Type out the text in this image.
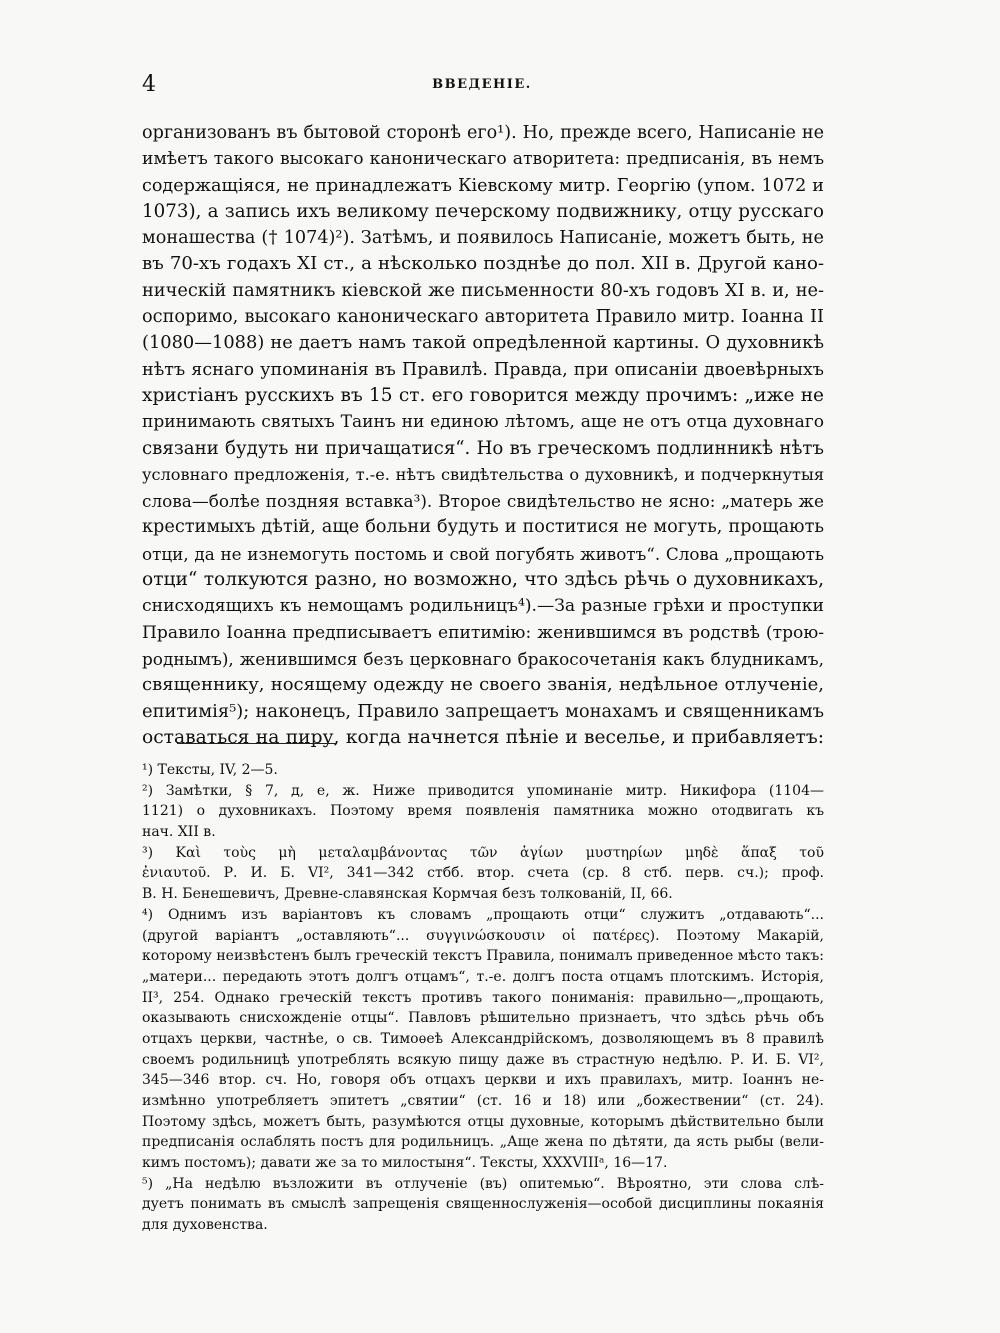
4	ВВЕДЕНІЕ.
организованъ въ бытовой сторонѣ его¹). Но, прежде всего, Написаніе не
имѣетъ такого высокаго каноническаго атворитета: предписанія, въ немъ
содержащіяся, не принадлежатъ Кіевскому митр. Георгію (упом. 1072 и
1073), а запись ихъ великому печерскому подвижнику, отцу русскаго
монашества († 1074)²). Затѣмъ, и появилось Написаніе, можетъ быть, не
въ 70-хъ годахъ XI ст., а нѣсколько позднѣе до пол. XII в. Другой кано-
ническій памятникъ кіевской же письменности 80-хъ годовъ XI в. и, не-
оспоримо, высокаго каноническаго авторитета Правило митр. Іоанна II
(1080—1088) не даетъ намъ такой опредѣленной картины. О духовникѣ
нѣтъ яснаго упоминанія въ Правилѣ. Правда, при описаніи двоевѣрныхъ
христіанъ русскихъ въ 15 ст. его говорится между прочимъ: „иже не
принимають святыхъ Таинъ ни единою лѣтомъ, аще не отъ отца духовнаго
связани будуть ни причащатися“. Но въ греческомъ подлинникѣ нѣтъ
условнаго предложенія, т.-е. нѣтъ свидѣтельства о духовникѣ, и подчеркнутыя
слова—болѣе поздняя вставка³). Второе свидѣтельство не ясно: „матерь же
крестимыхъ дѣтій, аще больни будуть и поститися не могуть, прощають
отци, да не изнемогуть постомь и свой погубять животъ“. Слова „прощають
отци“ толкуются разно, но возможно, что здѣсь рѣчь о духовникахъ,
снисходящихъ къ немощамъ родильницъ⁴).—За разные грѣхи и проступки
Правило Іоанна предписываетъ епитимію: женившимся въ родствѣ (трою-
роднымъ), женившимся безъ церковнаго бракосочетанія какъ блудникамъ,
священнику, носящему одежду не своего званія, недѣльное отлученіе,
епитимія⁵); наконецъ, Правило запрещаетъ монахамъ и священникамъ
оставаться на пиру, когда начнется пѣніе и веселье, и прибавляетъ:
¹) Тексты, IV, 2—5.
²) Замѣтки, § 7, д, е, ж. Ниже приводится упоминаніе митр. Никифора (1104—
1121) о духовникахъ. Поэтому время появленія памятника можно отодвигать къ
нач. XII в.
³) Καὶ τοὺς μὴ μεταλαμβάνοντας τῶν ἁγίων μυστηρίων μηδὲ ἅπαξ τοῦ
ἐνιαυτοῦ. Р. И. Б. VI², 341—342 стбб. втор. счета (ср. 8 стб. перв. сч.); проф.
В. Н. Бенешевичъ, Древне-славянская Кормчая безъ толкованій, II, 66.
⁴) Однимъ изъ варіантовъ къ словамъ „прощають отци“ служитъ „отдавають“...
(другой варіантъ „оставляють“... συγγινώσκουσιν οἱ πατέρες). Поэтому Макарій,
которому неизвѣстенъ былъ греческій текстъ Правила, понималъ приведенное мѣсто такъ:
„матери... передають этотъ долгъ отцамъ“, т.-е. долгъ поста отцамъ плотскимъ. Исторія,
II³, 254. Однако греческій текстъ противъ такого пониманія: правильно—„прощають,
оказывають снисхожденіе отцы“. Павловъ рѣшительно признаетъ, что здѣсь рѣчь объ
отцахъ церкви, частнѣе, о св. Тимоѳеѣ Александрійскомъ, дозволяющемъ въ 8 правилѣ
своемъ родильницѣ употреблять всякую пищу даже въ страстную недѣлю. Р. И. Б. VI²,
345—346 втор. сч. Но, говоря объ отцахъ церкви и ихъ правилахъ, митр. Іоаннъ не-
измѣнно употребляетъ эпитетъ „святии“ (ст. 16 и 18) или „божествении“ (ст. 24).
Поэтому здѣсь, можетъ быть, разумѣются отцы духовные, которымъ дѣйствительно были
предписанія ослаблять постъ для родильницъ. „Аще жена по дѣтяти, да ясть рыбы (вели-
кимъ постомъ); давати же за то милостыня“. Тексты, XXXVIIIᵃ, 16—17.
⁵) „На недѣлю възложити въ отлученіе (въ) опитемью“. Вѣроятно, эти слова слѣ-
дуетъ понимать въ смыслѣ запрещенія священнослуженія—особой дисциплины покаянія
для духовенства.
